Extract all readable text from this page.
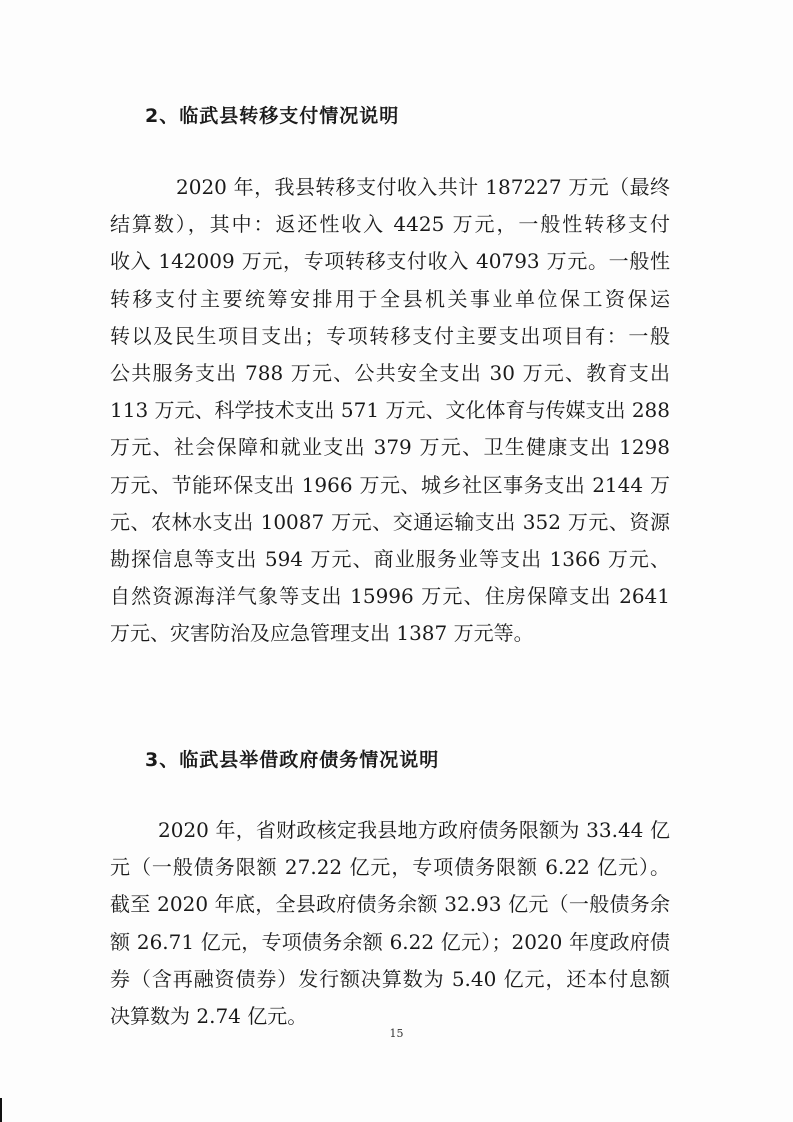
2、临武县转移支付情况说明
2020 年，我县转移支付收入共计 187227 万元（最终
结算数），其中：返还性收入 4425 万元，一般性转移支付
收入 142009 万元，专项转移支付收入 40793 万元。一般性
转移支付主要统筹安排用于全县机关事业单位保工资保运
转以及民生项目支出；专项转移支付主要支出项目有：一般
公共服务支出 788 万元、公共安全支出 30 万元、教育支出
113 万元、科学技术支出 571 万元、文化体育与传媒支出 288
万元、社会保障和就业支出 379 万元、卫生健康支出 1298
万元、节能环保支出 1966 万元、城乡社区事务支出 2144 万
元、农林水支出 10087 万元、交通运输支出 352 万元、资源
勘探信息等支出 594 万元、商业服务业等支出 1366 万元、
自然资源海洋气象等支出 15996 万元、住房保障支出 2641
万元、灾害防治及应急管理支出 1387 万元等。
3、临武县举借政府债务情况说明
2020 年，省财政核定我县地方政府债务限额为 33.44 亿
元（一般债务限额 27.22 亿元，专项债务限额 6.22 亿元）。
截至 2020 年底，全县政府债务余额 32.93 亿元（一般债务余
额 26.71 亿元，专项债务余额 6.22 亿元）；2020 年度政府债
券（含再融资债券）发行额决算数为 5.40 亿元，还本付息额
决算数为 2.74 亿元。
15
